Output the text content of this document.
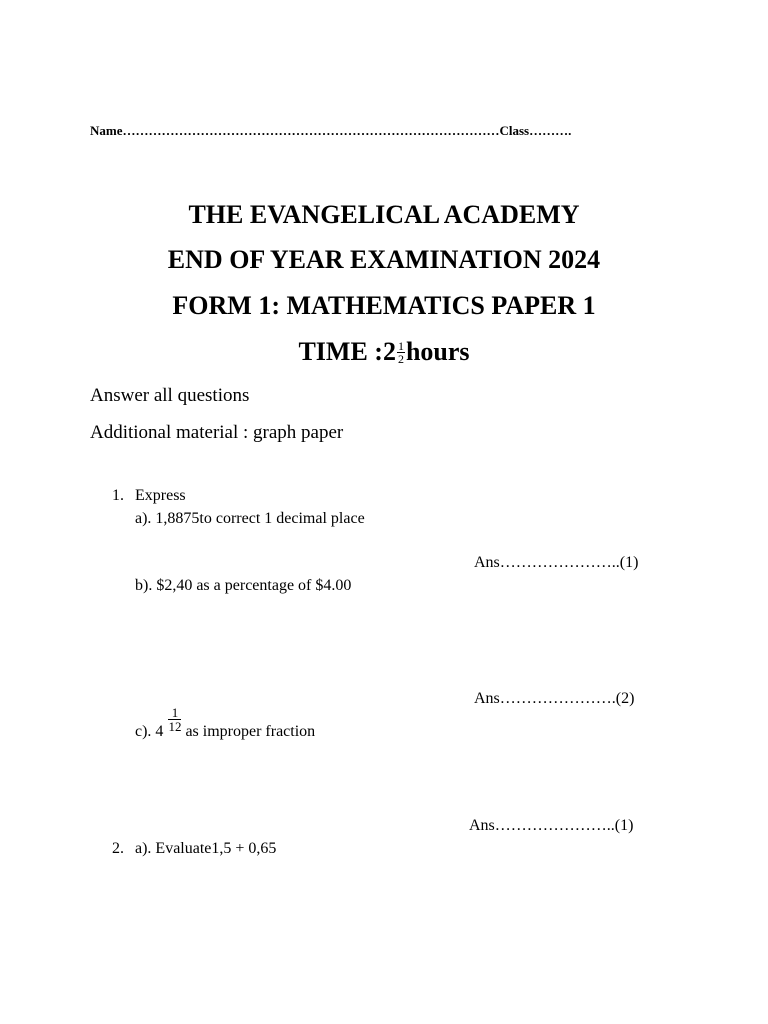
Name……………………………………………………………………………Class……….
THE EVANGELICAL ACADEMY
END OF YEAR EXAMINATION 2024
FORM 1: MATHEMATICS PAPER 1
TIME :2 $\frac{1}{2}$ hours
Answer all questions
Additional material : graph paper
1. Express
a). 1,8875to correct 1 decimal place
Ans…………………..(1)
b). $2,40 as a percentage of $4.00
Ans………………….(2)
c). $4 \frac{1}{12}$ as improper fraction
Ans…………………..(1)
2. a). Evaluate1,5 + 0,65
